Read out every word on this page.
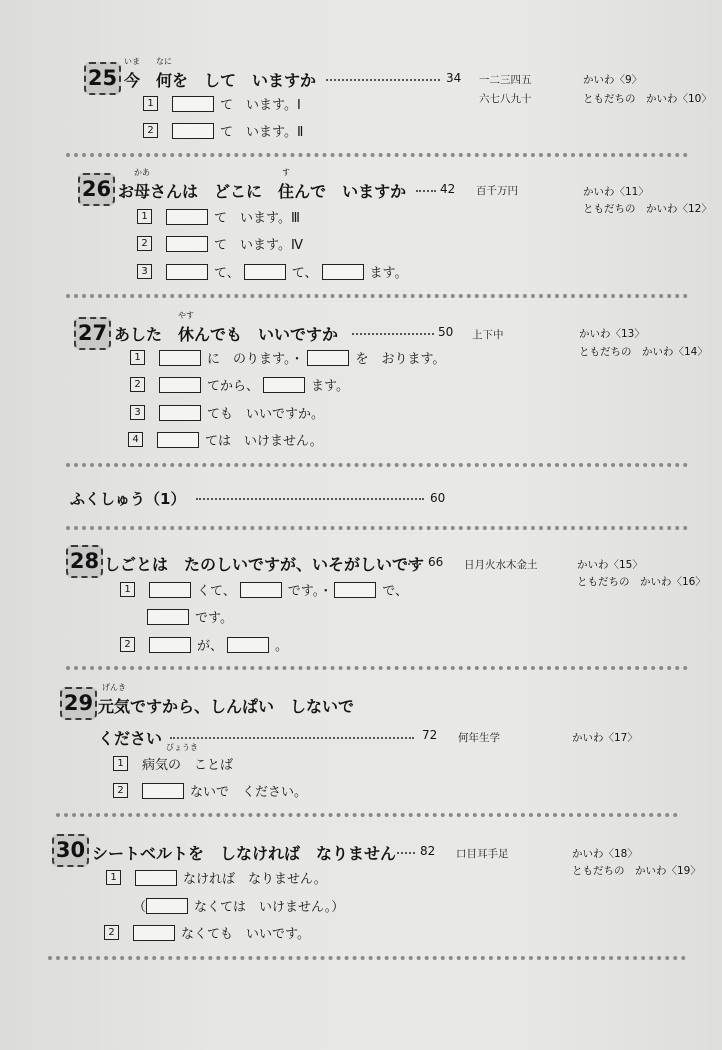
25 今
いま
　何
なに
を　して　いますか	34 一二三四五
六七八九十
かいわ〈9〉
ともだちの　かいわ〈10〉
1	て　います。Ⅰ
2	て　います。Ⅱ
26 お母
かあ
さんは　どこに　住
す
んで　いますか	42 百千万円	かいわ〈11〉
ともだちの　かいわ〈12〉
1	て　います。Ⅲ
2	て　います。Ⅳ
3	て、	て、	ます。
27 あした　休
やす
んでも　いいですか	50 上下中	かいわ〈13〉
ともだちの　かいわ〈14〉
1	に　のります。・	を　おります。
2	てから、	ます。
3	ても　いいですか。
4	ては　いけません。
ふくしゅう（1）	60
28 しごとは　たのしいですが、いそがしいです 66 日月火水木金土	かいわ〈15〉
ともだちの　かいわ〈16〉
1	くて、	です。・	で、
です。
2	が、	。
29 元気
げんき
ですから、しんぱい　しないで
ください	72 何年生学	かいわ〈17〉
1	病気の　ことば
びょうき
2	ないで　ください。
30 シートベルトを　しなければ　なりません 82 口目耳手足	かいわ〈18〉
ともだちの　かいわ〈19〉
1	なければ　なりません。
（	なくては　いけません。）
2	なくても　いいです。
